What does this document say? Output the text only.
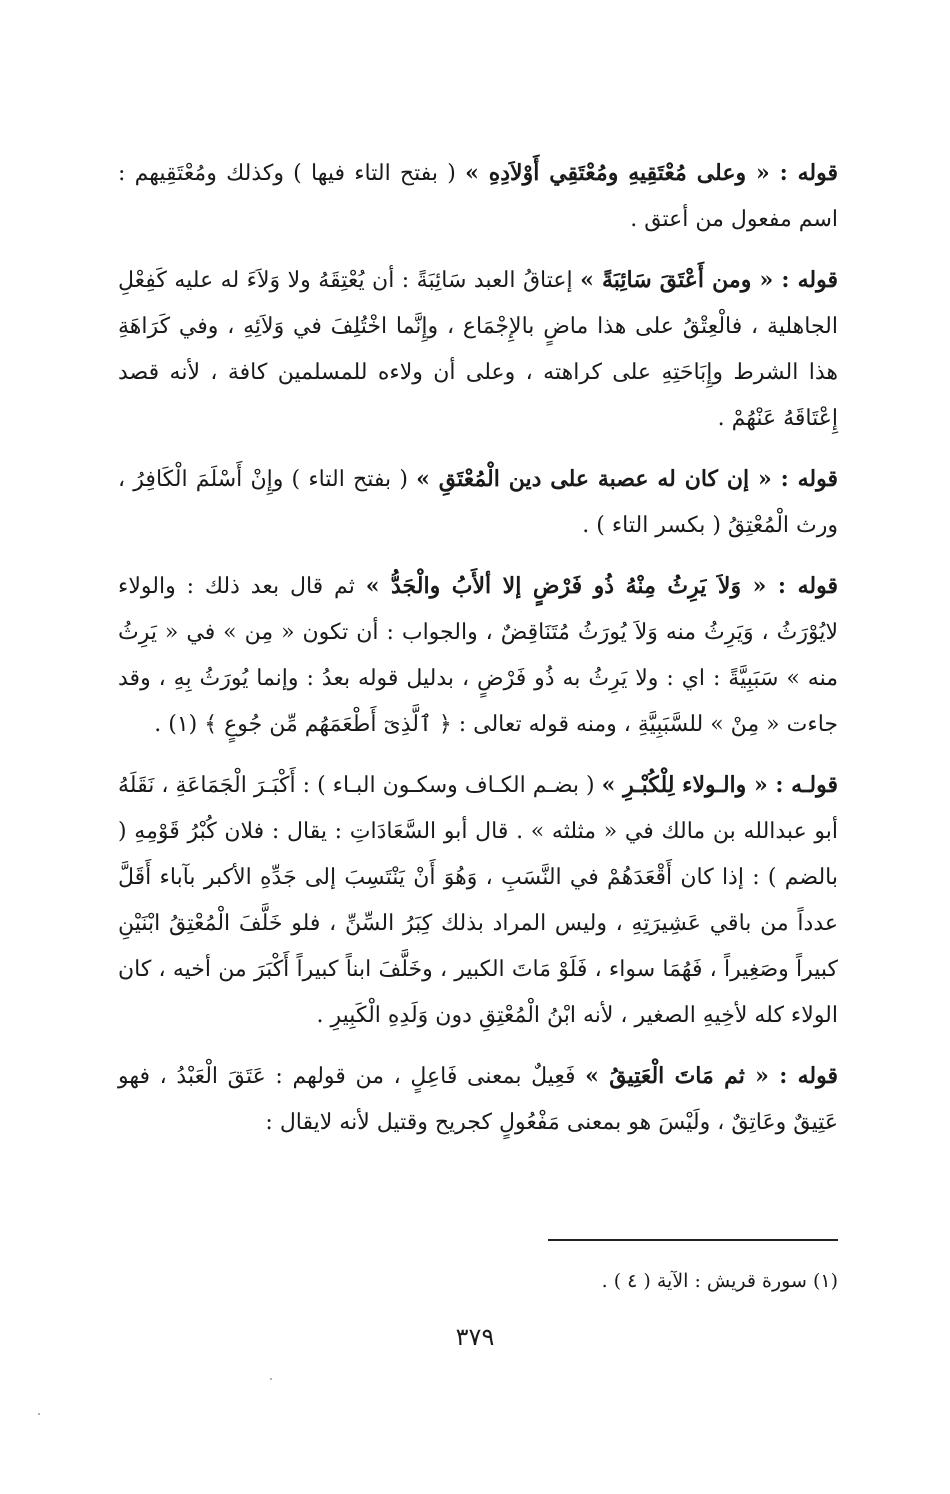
قوله : « وعلى مُعْتَقِيهِ ومُعْتَقِي أَوْلاَدِهِ » ( بفتح التاء فيها ) وكذلك ومُعْتَقِيهم : اسم مفعول من أعتق .

قوله : « ومن أَعْتَقَ سَائِبَةً » إعتاقُ العبد سَائِبَةً : أن يُعْتِقَهُ ولا وَلاَءَ له عليه كَفِعْلِ الجاهلية ، فالْعِتْقُ على هذا ماضٍ بالإِجْمَاع ، وإِنَّما اخْتُلِفَ في وَلاَئِهِ ، وفي كَرَاهَةِ هذا الشرط وإِبَاحَتِهِ على كراهته ، وعلى أن ولاءه للمسلمين كافة ، لأنه قصد إِعْتَاقَهُ عَنْهُمْ .

قوله : « إن كان له عصبة على دين الْمُعْتَقِ » ( بفتح التاء ) وإِنْ أَسْلَمَ الْكَافِرُ ، ورث الْمُعْتِقُ ( بكسر التاء ) .

قوله : « وَلاَ يَرِثُ مِنْهُ ذُو فَرْضٍ إلا ألأَبُ والْجَدُّ » ثم قال بعد ذلك : والولاء لايُوْرَثُ ، وَيَرِثُ منه وَلاَ يُورَثُ مُتَنَاقِضٌ ، والجواب : أن تكون « مِن » في « يَرِثُ منه » سَبَبِيَّةً : اي : ولا يَرِثُ به ذُو فَرْضٍ ، بدليل قوله بعدُ : وإنما يُورَثُ بِهِ ، وقد جاءت « مِنْ » للسَّبَبِيَّةِ ، ومنه قوله تعالى : ﴿ ٱلَّذِىٓ أَطْعَمَهُم مِّن جُوعٍ ﴾ (١) .

قولـه : « والـولاء لِلْكُبْـرِ » ( بضـم الكـاف وسكـون البـاء ) : أَكْبَـرَ الْجَمَاعَةِ ، نَقَلَهُ أبو عبدالله بن مالك في « مثلثه » . قال أبو السَّعَادَاتِ : يقال : فلان كُبْرُ قَوْمِهِ ( بالضم ) : إذا كان أَقْعَدَهُمْ في النَّسَبِ ، وَهُوَ أَنْ يَنْتَسِبَ إلى جَدِّهِ الأكبر بآباء أَقَلَّ عدداً من باقي عَشِيرَتِهِ ، وليس المراد بذلك كِبَرُ السِّنِّ ، فلو خَلَّفَ الْمُعْتِقُ ابْنَيْنِ كبيراً وصَغِيراً ، فَهُمَا سواء ، فَلَوْ مَاتَ الكبير ، وخَلَّفَ ابناً كبيراً أَكْبَرَ من أخيه ، كان الولاء كله لأخِيهِ الصغير ، لأنه ابْنُ الْمُعْتِقِ دون وَلَدِهِ الْكَبِيرِ .

قوله : « ثم مَاتَ الْعَتِيقُ » فَعِيلٌ بمعنى فَاعِلٍ ، من قولهم : عَتَقَ الْعَبْدُ ، فهو عَتِيقٌ وعَاتِقٌ ، ولَيْسَ هو بمعنى مَفْعُولٍ كجريح وقتيل لأنه لايقال :

(١) سورة قريش : الآية ( ٤ ) .
٣٧٩
